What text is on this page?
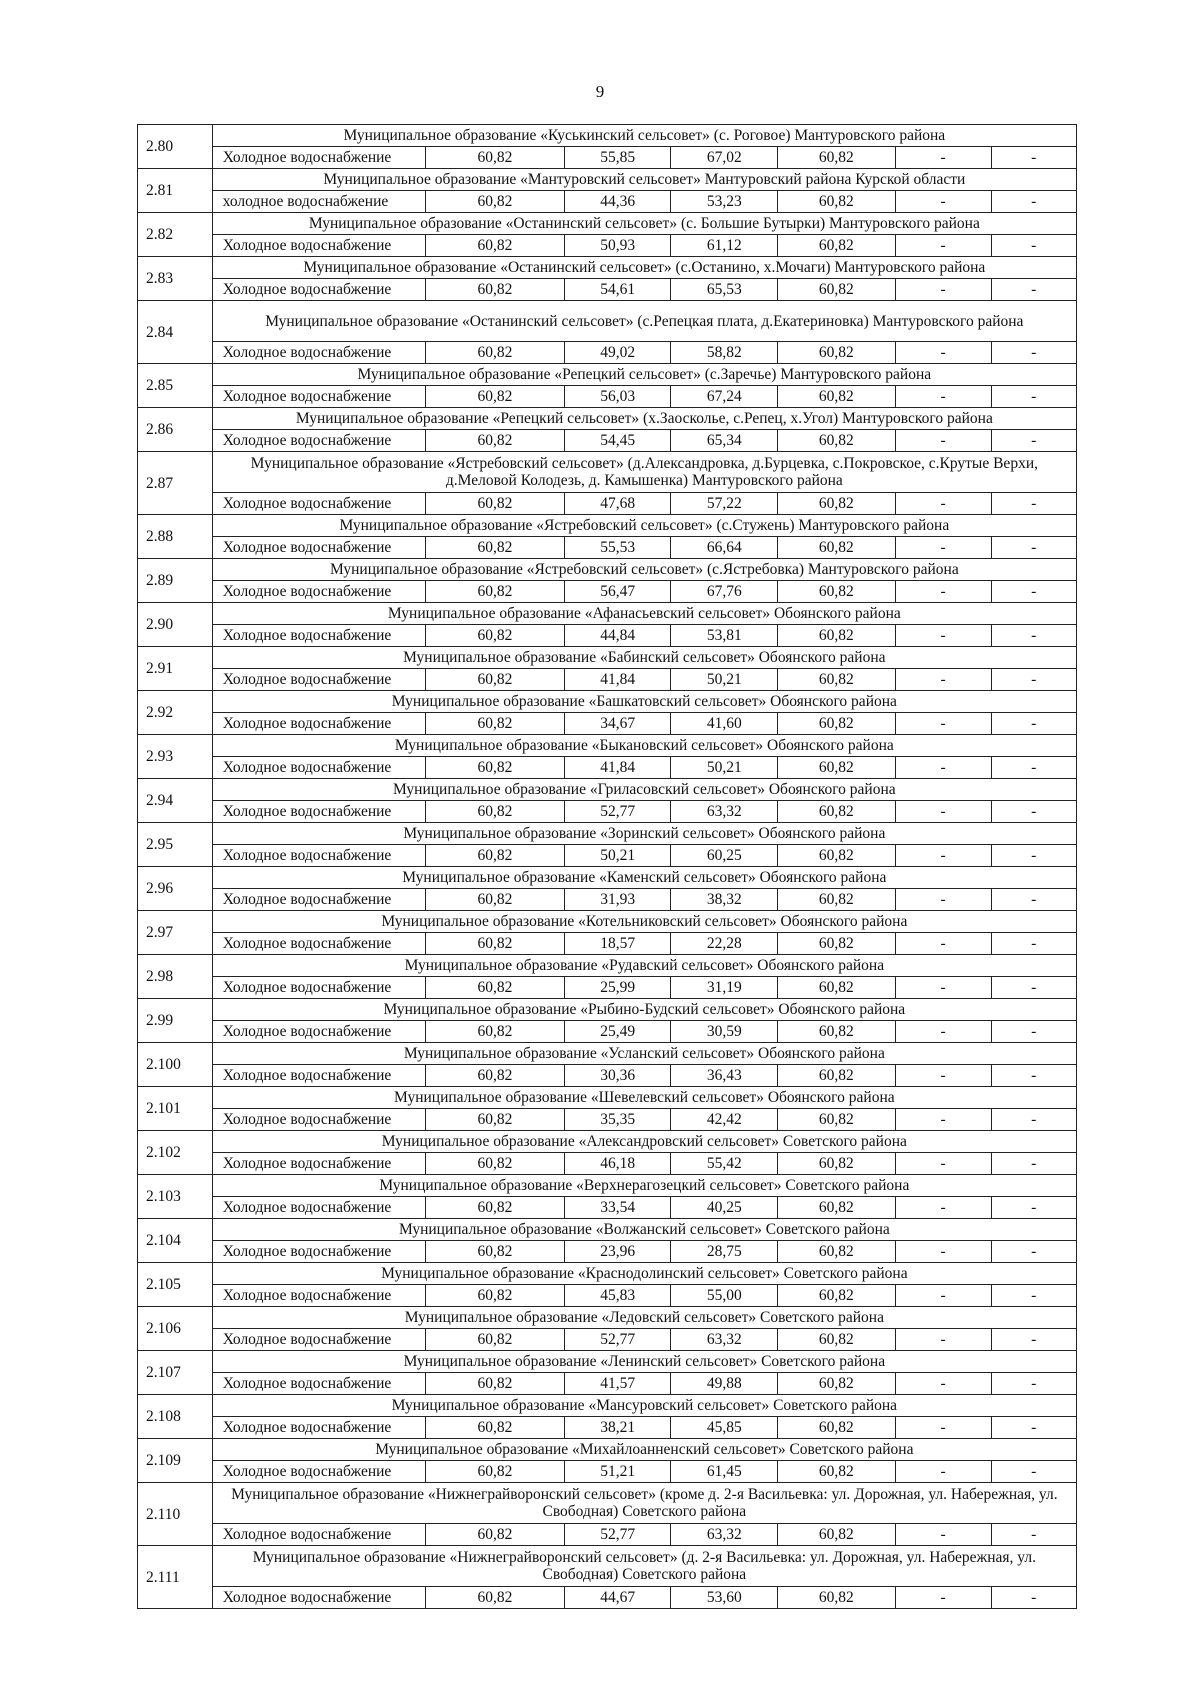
9
2.80	Муниципальное образование «Куськинский сельсовет» (с. Роговое) Мантуровского района						
	Холодное водоснабжение	60,82	55,85	67,02	60,82	-	-
2.81	Муниципальное образование «Мантуровский сельсовет» Мантуровский района Курской области						
	холодное водоснабжение	60,82	44,36	53,23	60,82	-	-
2.82	Муниципальное образование «Останинский сельсовет» (с. Большие Бутырки) Мантуровского района						
	Холодное водоснабжение	60,82	50,93	61,12	60,82	-	-
2.83	Муниципальное образование «Останинский сельсовет» (с.Останино, х.Мочаги) Мантуровского района						
	Холодное водоснабжение	60,82	54,61	65,53	60,82	-	-
2.84	Муниципальное образование «Останинский сельсовет» (с.Репецкая плата, д.Екатериновка) Мантуровского района						
	Холодное водоснабжение	60,82	49,02	58,82	60,82	-	-
2.85	Муниципальное образование «Репецкий сельсовет» (с.Заречье) Мантуровского района						
	Холодное водоснабжение	60,82	56,03	67,24	60,82	-	-
2.86	Муниципальное образование «Репецкий сельсовет» (х.Заосколье, с.Репец, х.Угол) Мантуровского района						
	Холодное водоснабжение	60,82	54,45	65,34	60,82	-	-
2.87	Муниципальное образование «Ястребовский сельсовет» (д.Александровка, д.Бурцевка, с.Покровское, с.Крутые Верхи, д.Меловой Колодезь, д. Камышенка) Мантуровского района						
	Холодное водоснабжение	60,82	47,68	57,22	60,82	-	-
2.88	Муниципальное образование «Ястребовский сельсовет» (с.Стужень) Мантуровского района						
	Холодное водоснабжение	60,82	55,53	66,64	60,82	-	-
2.89	Муниципальное образование «Ястребовский сельсовет» (с.Ястребовка) Мантуровского района						
	Холодное водоснабжение	60,82	56,47	67,76	60,82	-	-
2.90	Муниципальное образование «Афанасьевский сельсовет» Обоянского района						
	Холодное водоснабжение	60,82	44,84	53,81	60,82	-	-
2.91	Муниципальное образование «Бабинский сельсовет» Обоянского района						
	Холодное водоснабжение	60,82	41,84	50,21	60,82	-	-
2.92	Муниципальное образование «Башкатовский сельсовет» Обоянского района						
	Холодное водоснабжение	60,82	34,67	41,60	60,82	-	-
2.93	Муниципальное образование «Быкановский сельсовет» Обоянского района						
	Холодное водоснабжение	60,82	41,84	50,21	60,82	-	-
2.94	Муниципальное образование «Гриласовский сельсовет» Обоянского района						
	Холодное водоснабжение	60,82	52,77	63,32	60,82	-	-
2.95	Муниципальное образование «Зоринский сельсовет» Обоянского района						
	Холодное водоснабжение	60,82	50,21	60,25	60,82	-	-
2.96	Муниципальное образование «Каменский сельсовет» Обоянского района						
	Холодное водоснабжение	60,82	31,93	38,32	60,82	-	-
2.97	Муниципальное образование «Котельниковский сельсовет» Обоянского района						
	Холодное водоснабжение	60,82	18,57	22,28	60,82	-	-
2.98	Муниципальное образование «Рудавский сельсовет» Обоянского района						
	Холодное водоснабжение	60,82	25,99	31,19	60,82	-	-
2.99	Муниципальное образование «Рыбино-Будский сельсовет» Обоянского района						
	Холодное водоснабжение	60,82	25,49	30,59	60,82	-	-
2.100	Муниципальное образование «Усланский сельсовет» Обоянского района						
	Холодное водоснабжение	60,82	30,36	36,43	60,82	-	-
2.101	Муниципальное образование «Шевелевский сельсовет» Обоянского района						
	Холодное водоснабжение	60,82	35,35	42,42	60,82	-	-
2.102	Муниципальное образование «Александровский сельсовет» Советского района						
	Холодное водоснабжение	60,82	46,18	55,42	60,82	-	-
2.103	Муниципальное образование «Верхнерагозецкий сельсовет» Советского района						
	Холодное водоснабжение	60,82	33,54	40,25	60,82	-	-
2.104	Муниципальное образование «Волжанский сельсовет» Советского района						
	Холодное водоснабжение	60,82	23,96	28,75	60,82	-	-
2.105	Муниципальное образование «Краснодолинский сельсовет» Советского района						
	Холодное водоснабжение	60,82	45,83	55,00	60,82	-	-
2.106	Муниципальное образование «Ледовский сельсовет» Советского района						
	Холодное водоснабжение	60,82	52,77	63,32	60,82	-	-
2.107	Муниципальное образование «Ленинский сельсовет» Советского района						
	Холодное водоснабжение	60,82	41,57	49,88	60,82	-	-
2.108	Муниципальное образование «Мансуровский сельсовет» Советского района						
	Холодное водоснабжение	60,82	38,21	45,85	60,82	-	-
2.109	Муниципальное образование «Михайлоанненский сельсовет» Советского района						
	Холодное водоснабжение	60,82	51,21	61,45	60,82	-	-
2.110	Муниципальное образование «Нижнеграйворонский сельсовет» (кроме д. 2-я Васильевка: ул. Дорожная, ул. Набережная, ул. Свободная) Советского района						
	Холодное водоснабжение	60,82	52,77	63,32	60,82	-	-
2.111	Муниципальное образование «Нижнеграйворонский сельсовет» (д. 2-я Васильевка: ул. Дорожная, ул. Набережная, ул. Свободная) Советского района						
	Холодное водоснабжение	60,82	44,67	53,60	60,82	-	-
